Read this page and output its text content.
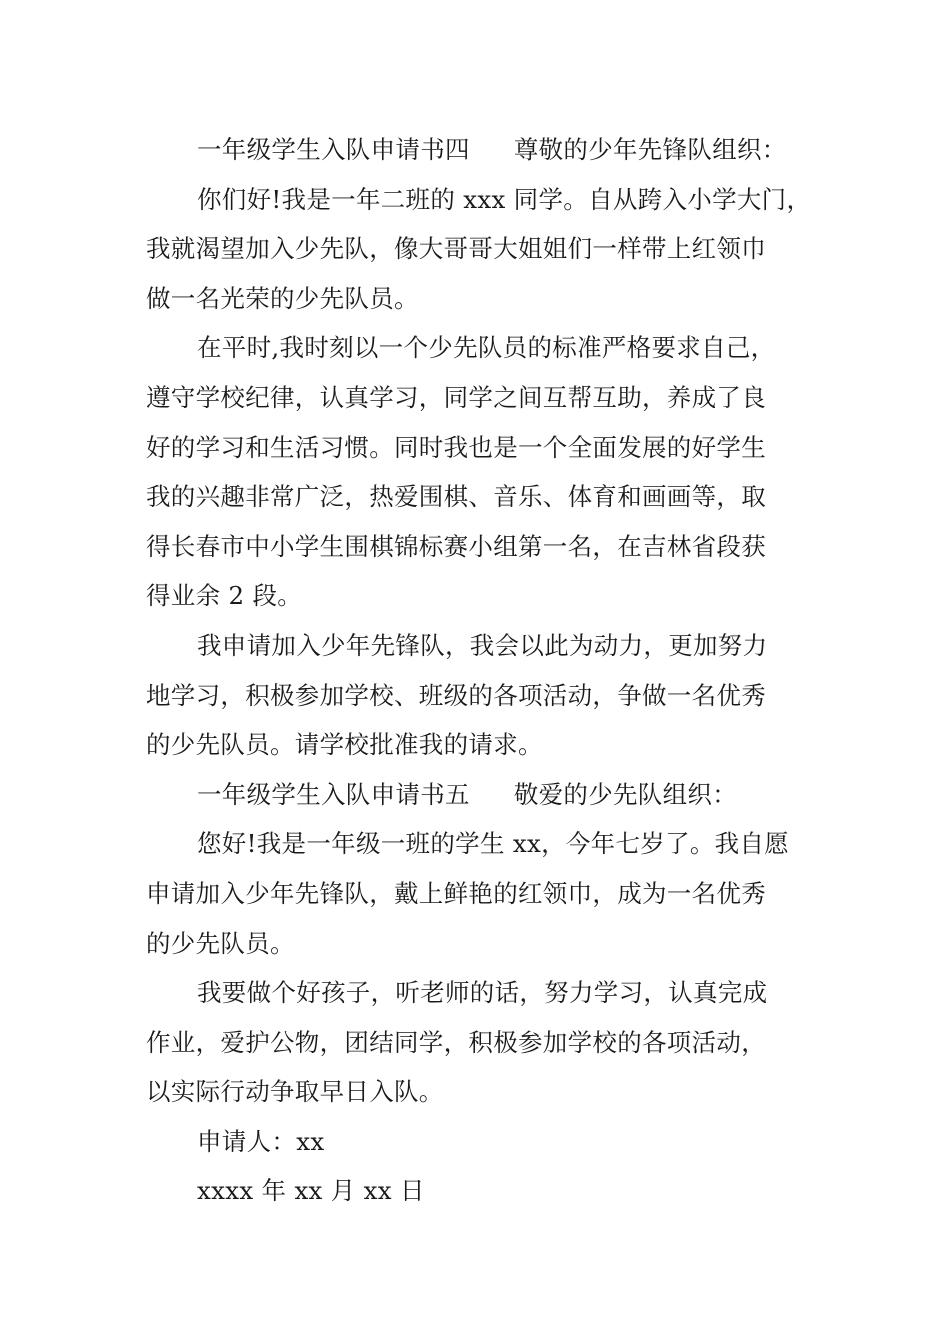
一年级学生入队申请书四 尊敬的少年先锋队组织：
你们好!我是一年二班的 xxx 同学。自从跨入小学大门，
我就渴望加入少先队，像大哥哥大姐姐们一样带上红领巾
做一名光荣的少先队员。
在平时,我时刻以一个少先队员的标准严格要求自己，
遵守学校纪律，认真学习，同学之间互帮互助，养成了良
好的学习和生活习惯。同时我也是一个全面发展的好学生
我的兴趣非常广泛，热爱围棋、音乐、体育和画画等，取
得长春市中小学生围棋锦标赛小组第一名，在吉林省段获
得业余 2 段。
我申请加入少年先锋队，我会以此为动力，更加努力
地学习，积极参加学校、班级的各项活动，争做一名优秀
的少先队员。请学校批准我的请求。
一年级学生入队申请书五 敬爱的少先队组织：
您好!我是一年级一班的学生 xx，今年七岁了。我自愿
申请加入少年先锋队，戴上鲜艳的红领巾，成为一名优秀
的少先队员。
我要做个好孩子，听老师的话，努力学习，认真完成
作业，爱护公物，团结同学，积极参加学校的各项活动，
以实际行动争取早日入队。
申请人：xx
xxxx 年 xx 月 xx 日
